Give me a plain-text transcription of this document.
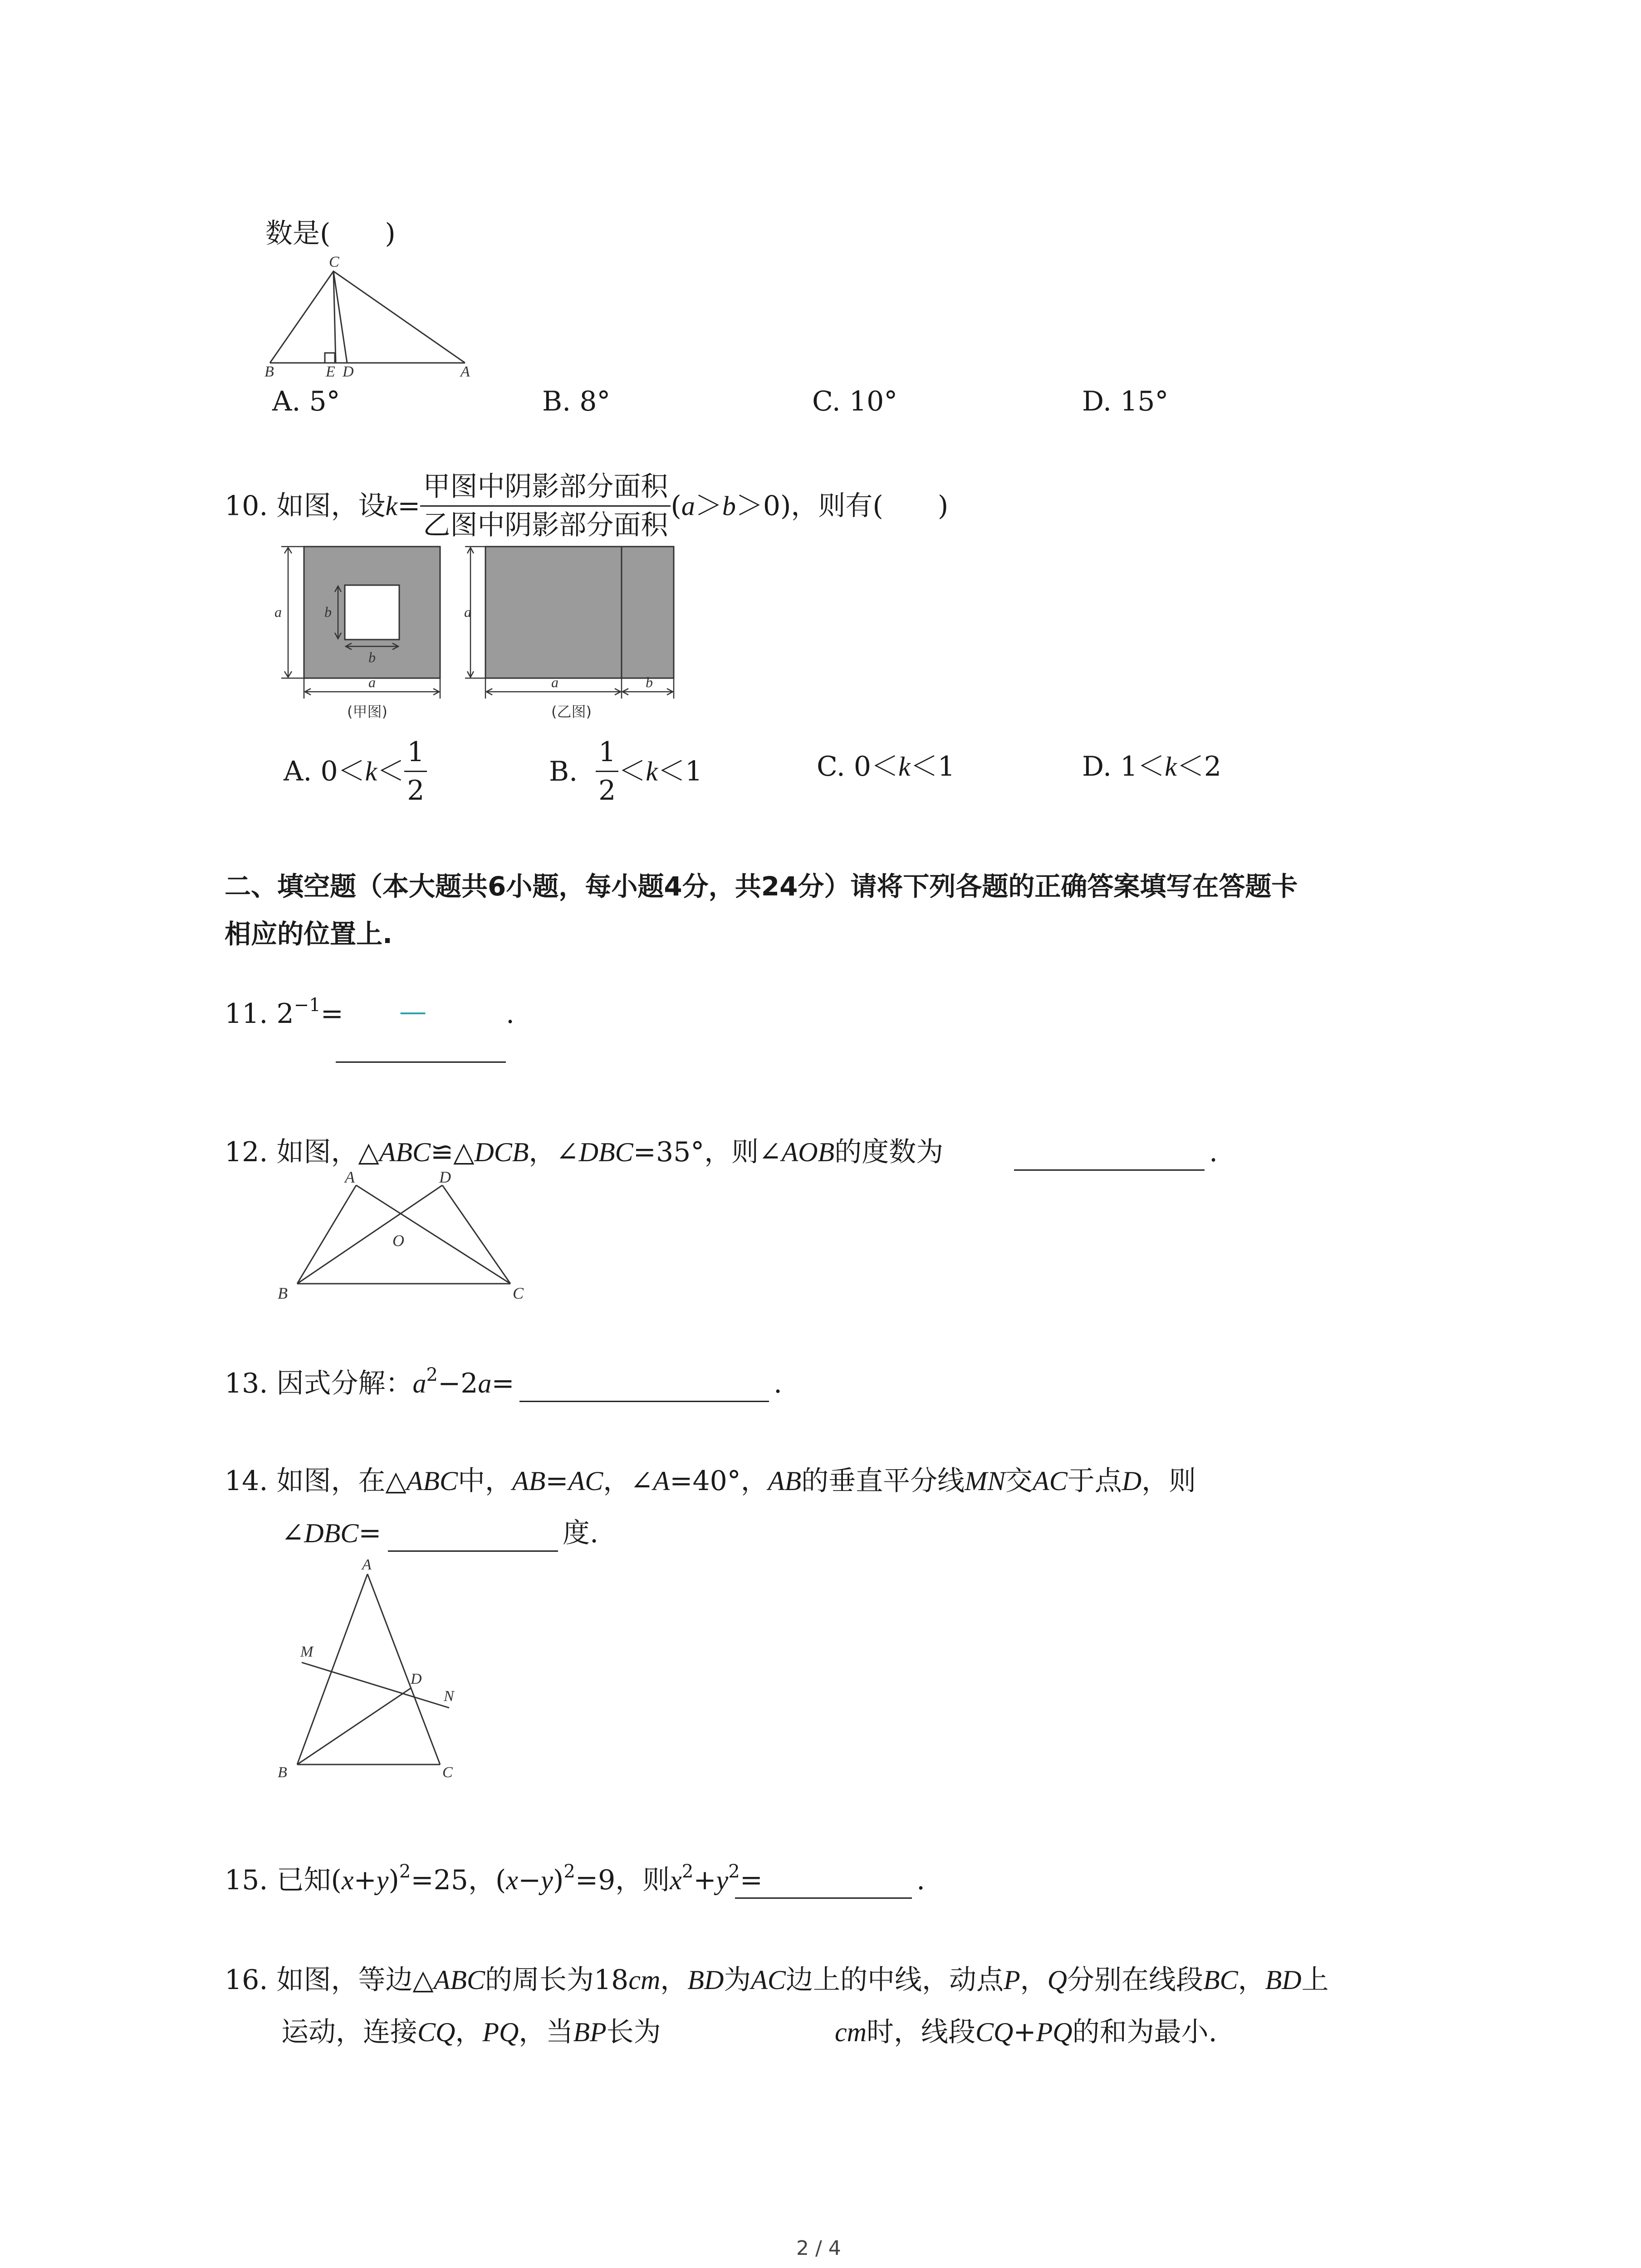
数是(　　)
C
B	E D	A
A. 5°	B. 8°	C. 10°	D. 15°
10. 如图，设$k= \frac{\text{甲图中阴影部分面积}}{\text{乙图中阴影部分面积}} (a>b>0)$，则有(　　)
a	b
b
a
(甲图)
a
a	b
(乙图)
A. $0<k< \frac{1}{2}$	B. $\frac{1}{2} <k<1$	C. 0＜k＜1	D. 1＜k＜2
二、填空题（本大题共6小题，每小题4分，共24分）请将下列各题的正确答案填写在答题卡
相应的位置上.
11. $2^{-1}=$ —	.
12. 如图，△ABC≌△DCB，∠DBC=35°，则∠AOB的度数为	.
A	D
O
B	C
13. 因式分解：$a^2-2a=$	.
14. 如图，在△ABC中，AB=AC，∠A=40°，AB的垂直平分线MN交AC于点D，则
∠DBC=	度.
A
M
D
N
B	C
15. 已知$(x+y)^2=25$，$(x-y)^2=9$，则$x^2+y^2=$	.
16. 如图，等边△ABC的周长为18cm，BD为AC边上的中线，动点P，Q分别在线段BC，BD上
运动，连接CQ，PQ，当BP长为	cm时，线段CQ+PQ的和为最小.
2 / 4
